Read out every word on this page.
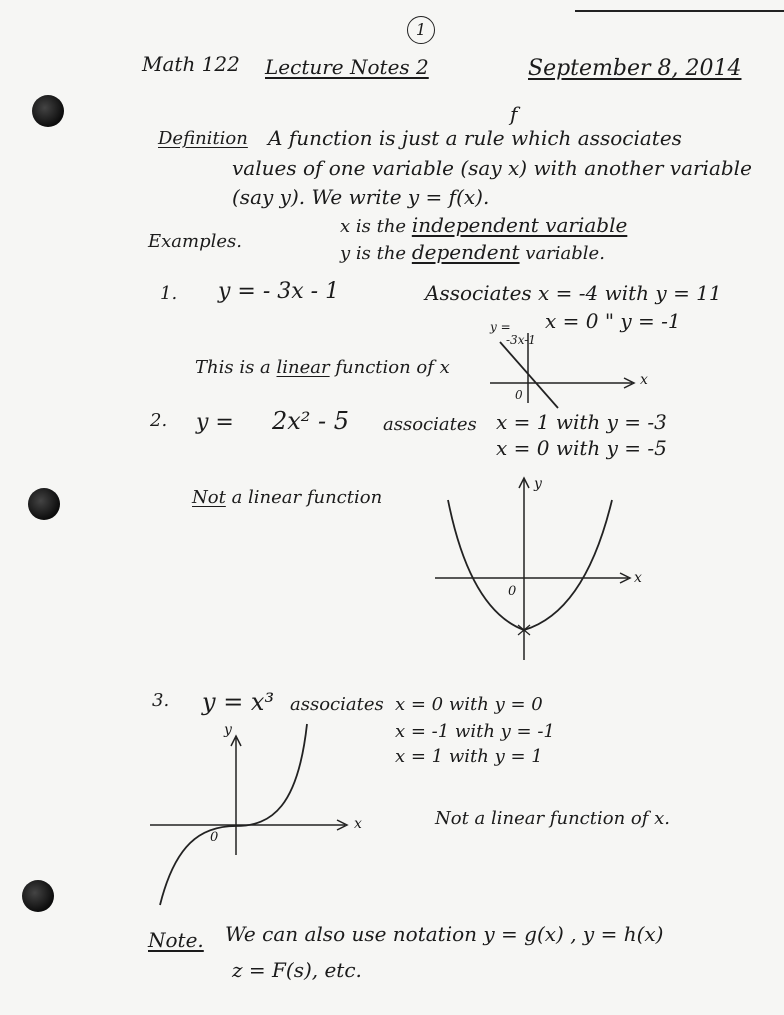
1
Math 122 Lecture Notes 2	September 8, 2014
Definition
f
A function is just a rule which associates
values of one variable (say x) with another variable
(say y). We write y = f(x).
x is the independent variable
y is the dependent variable.
Examples.
1. y = - 3x - 1	Associates x = -4 with y = 11
x = 0 " y = -1
This is a linear function of x
y =
-3x-1
0
x
2. y = 2x² - 5 associates x = 1 with y = -3
x = 0 with y = -5
Not a linear function
y
0
x
3. y = x³ associates x = 0 with y = 0
x = -1 with y = -1
x = 1 with y = 1
y
0
x	Not a linear function of x.
Note. We can also use notation y = g(x) , y = h(x)
z = F(s), etc.
